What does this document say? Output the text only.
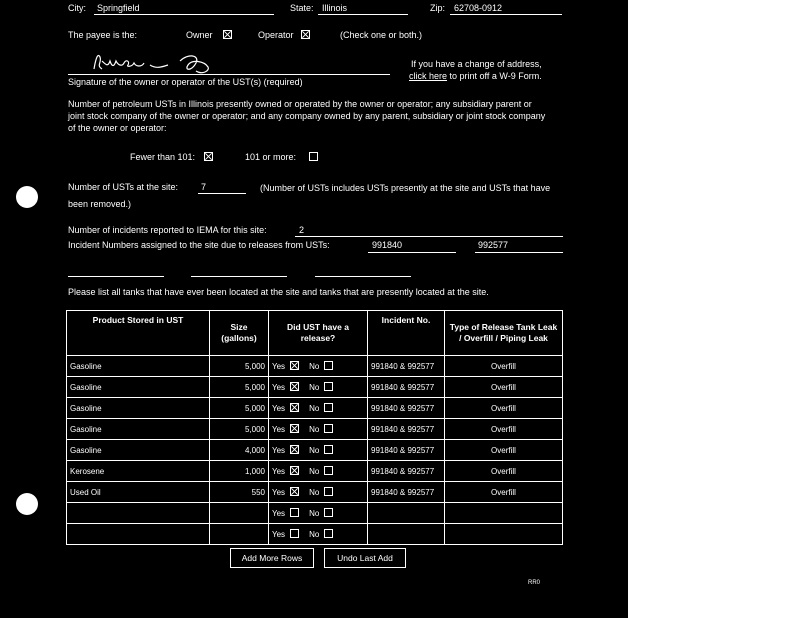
City: Springfield	State: Illinois	Zip: 62708-0912
The payee is the:	Owner	Operator	(Check one or both.)
Signature of the owner or operator of the UST(s) (required)
If you have a change of address,
click here to print off a W-9 Form.
Number of petroleum USTs in Illinois presently owned or operated by the owner or operator; any subsidiary parent or joint stock company of the owner or operator; and any company owned by any parent, subsidiary or joint stock company of the owner or operator:
Fewer than 101:	101 or more:
Number of USTs at the site:	7	(Number of USTs includes USTs presently at the site and USTs that have been removed.)
Number of incidents reported to IEMA for this site:	2
Incident Numbers assigned to the site due to releases from USTs:	991840	992577
Please list all tanks that have ever been located at the site and tanks that are presently located at the site.
Product Stored in UST	Size (gallons)	Did UST have a release?	Incident No.	Type of Release Tank Leak / Overfill / Piping Leak
Gasoline	5,000	Yes No	991840 & 992577	Overfill
Gasoline	5,000	Yes No	991840 & 992577	Overfill
Gasoline	5,000	Yes No	991840 & 992577	Overfill
Gasoline	5,000	Yes No	991840 & 992577	Overfill
Gasoline	4,000	Yes No	991840 & 992577	Overfill
Kerosene	1,000	Yes No	991840 & 992577	Overfill
Used Oil	550	Yes No	991840 & 992577	Overfill
		Yes No		
		Yes No		
Add More Rows	Undo Last Add
RR0
